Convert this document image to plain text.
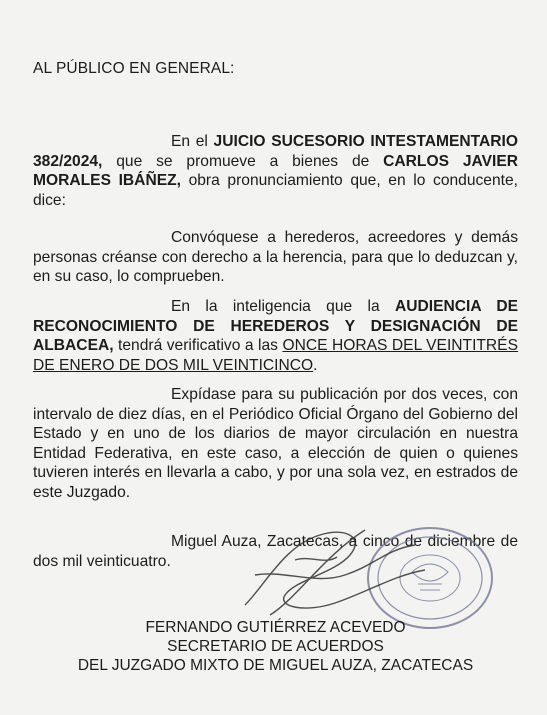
AL PÚBLICO EN GENERAL:
En el JUICIO SUCESORIO INTESTAMENTARIO 382/2024, que se promueve a bienes de CARLOS JAVIER MORALES IBÁÑEZ, obra pronunciamiento que, en lo conducente, dice:
Convóquese a herederos, acreedores y demás personas créanse con derecho a la herencia, para que lo deduzcan y, en su caso, lo comprueben.
En la inteligencia que la AUDIENCIA DE RECONOCIMIENTO DE HEREDEROS Y DESIGNACIÓN DE ALBACEA, tendrá verificativo a las ONCE HORAS DEL VEINTITRÉS DE ENERO DE DOS MIL VEINTICINCO.
Expídase para su publicación por dos veces, con intervalo de diez días, en el Periódico Oficial Órgano del Gobierno del Estado y en uno de los diarios de mayor circulación en nuestra Entidad Federativa, en este caso, a elección de quien o quienes tuvieren interés en llevarla a cabo, y por una sola vez, en estrados de este Juzgado.
Miguel Auza, Zacatecas, a cinco de diciembre de dos mil veinticuatro.
FERNANDO GUTIÉRREZ ACEVEDO
SECRETARIO DE ACUERDOS
DEL JUZGADO MIXTO DE MIGUEL AUZA, ZACATECAS
